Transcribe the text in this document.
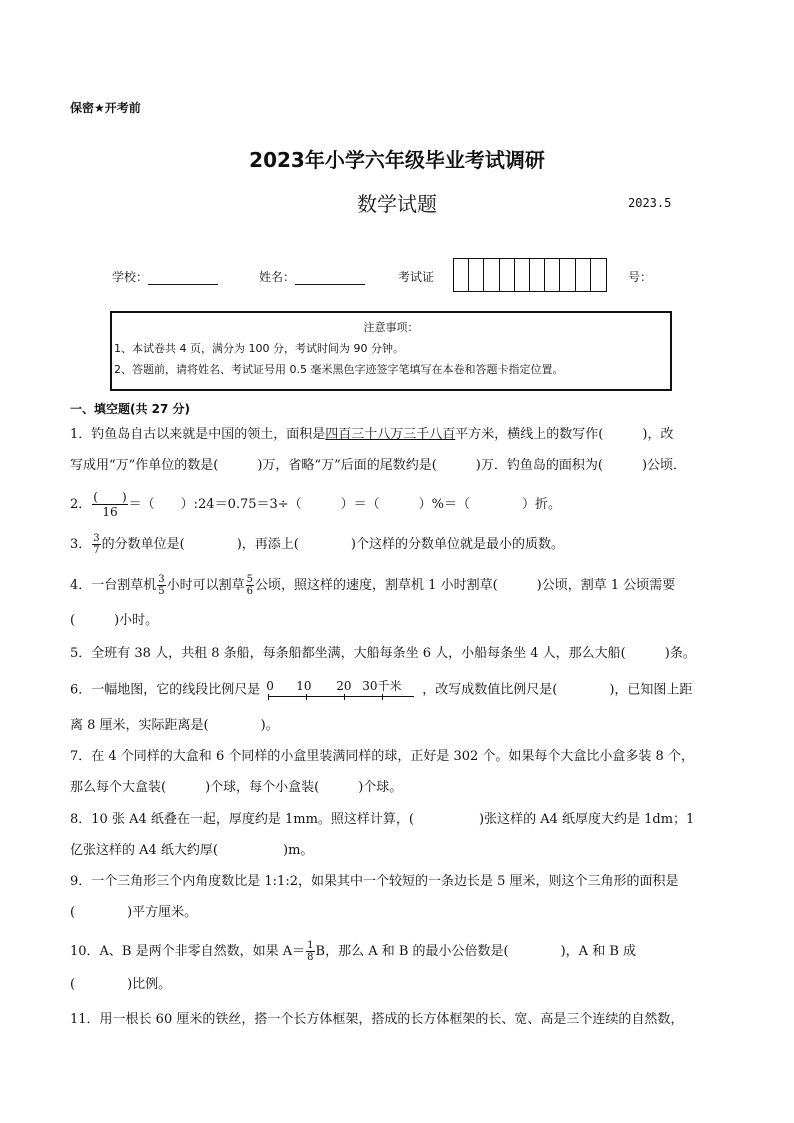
保密★开考前
2023年小学六年级毕业考试调研
数学试题	2023.5
学校：	姓名：	考试证	号：
注意事项：
1、本试卷共 4 页，满分为 100 分，考试时间为 90 分钟。
2、答题前，请将姓名、考试证号用 0.5 毫米黑色字迹签字笔填写在本卷和答题卡指定位置。
一、填空题(共 27 分)
1．钓鱼岛自古以来就是中国的领土，面积是四百三十八万三千八百平方米，横线上的数写作(　　　)，改
写成用“万”作单位的数是(　　　)万，省略“万”后面的尾数约是(　　　)万．钓鱼岛的面积为(　　　)公顷．
2． $\frac{( )}{16}$ ＝（　　）:24＝0.75＝3÷（　　　）＝（　　　）%＝（　　　　）折。
3． $\frac{3}{7}$ 的分数单位是(　　　　)，再添上(　　　　)个这样的分数单位就是最小的质数。
4．一台割草机 $\frac{3}{5}$ 小时可以割草 $\frac{5}{6}$ 公顷，照这样的速度，割草机 1 小时割草(　　　)公顷，割草 1 公顷需要
(　　　)小时。
5．全班有 38 人，共租 8 条船，每条船都坐满，大船每条坐 6 人，小船每条坐 4 人，那么大船(　　　)条。
6．一幅地图，它的线段比例尺是 0 10 20 30千米 ，改写成数值比例尺是(　　　　)，已知图上距
离 8 厘米，实际距离是(　　　　)。
7．在 4 个同样的大盒和 6 个同样的小盒里装满同样的球，正好是 302 个。如果每个大盒比小盒多装 8 个，
那么每个大盒装(　　　)个球，每个小盒装(　　　)个球。
8．10 张 A4 纸叠在一起，厚度约是 1mm。照这样计算，(　　　　　)张这样的 A4 纸厚度大约是 1dm；1
亿张这样的 A4 纸大约厚(　　　　　)m。
9．一个三角形三个内角度数比是 1:1:2，如果其中一个较短的一条边长是 5 厘米，则这个三角形的面积是
(　　　　)平方厘米。
10．A、B 是两个非零自然数，如果 $A= \frac{1}{8}$ B，那么 A 和 B 的最小公倍数是(　　　　)，A 和 B 成
(　　　　)比例。
11．用一根长 60 厘米的铁丝，搭一个长方体框架，搭成的长方体框架的长、宽、高是三个连续的自然数，
